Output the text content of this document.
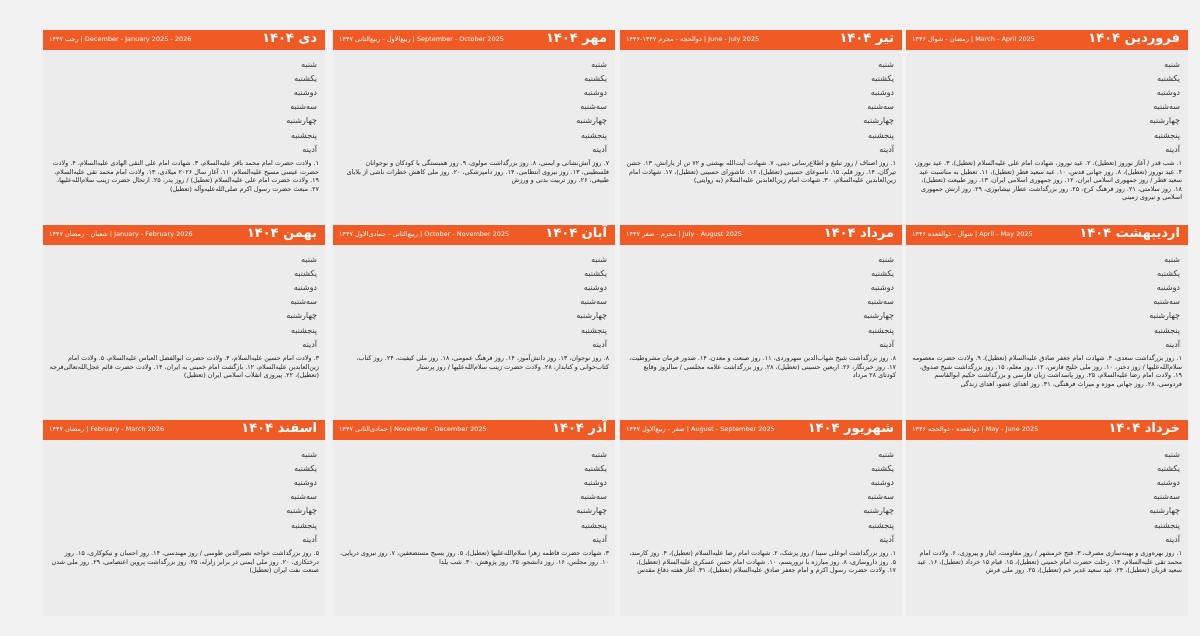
دی ۱۴۰۴
December - January 2025 - 2026 | رجب ۱۴۴۷
شنبه							
یکشنبه							
دوشنبه							
سه‌شنبه							
چهارشنبه							
پنجشنبه							
آدینه							
۱. ولادت حضرت امام محمد باقر علیه‌السلام، ۳. شهادت امام علی النقی الهادی علیه‌السلام، ۴. ولادت حضرت عیسی مسیح علیه‌السلام، ۱۱. آغاز سال ۲۰۲۶ میلادی، ۱۳. ولادت امام محمد تقی علیه‌السلام، ۱۹. ولادت حضرت امام علی علیه‌السلام (تعطیل) / روز پدر، ۲۵. ارتحال حضرت زینب سلام‌الله‌علیها، ۲۷. مبعث حضرت رسول اکرم صلی‌الله‌علیه‌وآله (تعطیل)
مهر ۱۴۰۴
September - October 2025 | ربیع‌الاول - ربیع‌الثانی ۱۴۴۷
شنبه							
یکشنبه							
دوشنبه							
سه‌شنبه							
چهارشنبه							
پنجشنبه							
آدینه							
۷. روز آتش‌نشانی و ایمنی، ۸. روز بزرگداشت مولوی، ۹. روز همبستگی با کودکان و نوجوانان فلسطینی، ۱۳. روز نیروی انتظامی، ۱۴. روز دامپزشکی، ۲۰. روز ملی کاهش خطرات ناشی از بلایای طبیعی، ۲۶. روز تربیت بدنی و ورزش
تیر ۱۴۰۴
June - July 2025 | ذوالحجه - محرم ۱۴۴۷-۱۴۴۶
شنبه							
یکشنبه							
دوشنبه							
سه‌شنبه							
چهارشنبه							
پنجشنبه							
آدینه							
۱. روز اصناف / روز تبلیغ و اطلاع‌رسانی دینی، ۷. شهادت آیت‌الله بهشتی و ۷۲ تن از یارانش، ۱۳. جشن تیرگان، ۱۴. روز قلم، ۱۵. تاسوعای حسینی (تعطیل)، ۱۶. عاشورای حسینی (تعطیل)، ۱۷. شهادت امام زین‌العابدین علیه‌السلام، ۳۰. شهادت امام زین‌العابدین علیه‌السلام (به روایتی)
فروردین ۱۴۰۴
March - April 2025 | رمضان - شوال ۱۴۴۶
شنبه							
یکشنبه							
دوشنبه							
سه‌شنبه							
چهارشنبه							
پنجشنبه							
آدینه							
۱. شب قدر / آغاز نوروز (تعطیل)، ۲. عید نوروز، شهادت امام علی علیه‌السلام (تعطیل)، ۳. عید نوروز، ۴. عید نوروز (تعطیل)، ۸. روز جهانی قدس، ۱۰. عید سعید فطر (تعطیل)، ۱۱. تعطیل به مناسبت عید سعید فطر / روز جمهوری اسلامی ایران، ۱۲. روز جمهوری اسلامی ایران، ۱۳. روز طبیعت (تعطیل)، ۱۸. روز سلامتی، ۲۱. روز فرهنگ کرج، ۲۵. روز بزرگداشت عطار نیشابوری، ۲۹. روز ارتش جمهوری اسلامی و نیروی زمینی
بهمن ۱۴۰۴
January - February 2026 | شعبان - رمضان ۱۴۴۷
شنبه							
یکشنبه							
دوشنبه							
سه‌شنبه							
چهارشنبه							
پنجشنبه							
آدینه							
۳. ولادت امام حسین علیه‌السلام، ۴. ولادت حضرت ابوالفضل العباس علیه‌السلام، ۵. ولادت امام زین‌العابدین علیه‌السلام، ۱۲. بازگشت امام خمینی به ایران، ۱۴. ولادت حضرت قائم عجل‌الله‌تعالی‌فرجه (تعطیل)، ۲۲. پیروزی انقلاب اسلامی ایران (تعطیل)
آبان ۱۴۰۴
October - November 2025 | ربیع‌الثانی - جمادی‌الاول ۱۴۴۷
شنبه							
یکشنبه							
دوشنبه							
سه‌شنبه							
چهارشنبه							
پنجشنبه							
آدینه							
۸. روز نوجوان، ۱۳. روز دانش‌آموز، ۱۴. روز فرهنگ عمومی، ۱۸. روز ملی کیفیت، ۲۴. روز کتاب، کتاب‌خوانی و کتابدار، ۲۸. ولادت حضرت زینب سلام‌الله‌علیها / روز پرستار
مرداد ۱۴۰۴
July - August 2025 | محرم - صفر ۱۴۴۷
شنبه							
یکشنبه							
دوشنبه							
سه‌شنبه							
چهارشنبه							
پنجشنبه							
آدینه							
۸. روز بزرگداشت شیخ شهاب‌الدین سهروردی، ۱۱. روز صنعت و معدن، ۱۴. صدور فرمان مشروطیت، ۱۷. روز خبرنگار، ۲۶. اربعین حسینی (تعطیل)، ۲۸. روز بزرگداشت علامه مجلسی / سالروز وقایع کودتای ۲۸ مرداد
اردیبهشت ۱۴۰۴
April - May 2025 | شوال - ذوالقعده ۱۴۴۶
شنبه							
یکشنبه							
دوشنبه							
سه‌شنبه							
چهارشنبه							
پنجشنبه							
آدینه							
۱. روز بزرگداشت سعدی، ۴. شهادت امام جعفر صادق علیه‌السلام (تعطیل)، ۹. ولادت حضرت معصومه سلام‌الله‌علیها / روز دختر، ۱۰. روز ملی خلیج فارس، ۱۲. روز معلم، ۱۵. روز بزرگداشت شیخ صدوق، ۱۹. ولادت امام رضا علیه‌السلام، ۲۵. روز پاسداشت زبان فارسی و بزرگداشت حکیم ابوالقاسم فردوسی، ۲۸. روز جهانی موزه و میراث فرهنگی، ۳۱. روز اهدای عضو، اهدای زندگی
اسفند ۱۴۰۴
February - March 2026 | رمضان ۱۴۴۷
شنبه							
یکشنبه							
دوشنبه							
سه‌شنبه							
چهارشنبه							
پنجشنبه							
آدینه							
۵. روز بزرگداشت خواجه نصیرالدین طوسی / روز مهندسی، ۱۴. روز احسان و نیکوکاری، ۱۵. روز درختکاری، ۲۰. روز ملی ایمنی در برابر زلزله، ۲۵. روز بزرگداشت پروین اعتصامی، ۲۹. روز ملی شدن صنعت نفت ایران (تعطیل)
آذر ۱۴۰۴
November - December 2025 | جمادی‌الثانی ۱۴۴۷
شنبه							
یکشنبه							
دوشنبه							
سه‌شنبه							
چهارشنبه							
پنجشنبه							
آدینه							
۳. شهادت حضرت فاطمه زهرا سلام‌الله‌علیها (تعطیل)، ۵. روز بسیج مستضعفین، ۷. روز نیروی دریایی، ۱۰. روز مجلس، ۱۶. روز دانشجو، ۲۵. روز پژوهش، ۳۰. شب یلدا
شهریور ۱۴۰۴
August - September 2025 | صفر - ربیع‌الاول ۱۴۴۷
شنبه							
یکشنبه							
دوشنبه							
سه‌شنبه							
چهارشنبه							
پنجشنبه							
آدینه							
۱. روز بزرگداشت ابوعلی سینا / روز پزشک، ۲. شهادت امام رضا علیه‌السلام (تعطیل)، ۴. روز کارمند، ۵. روز داروسازی، ۸. روز مبارزه با تروریسم، ۱۰. شهادت امام حسن عسکری علیه‌السلام (تعطیل)، ۱۷. ولادت حضرت رسول اکرم و امام جعفر صادق علیه‌السلام (تعطیل)، ۳۱. آغاز هفته دفاع مقدس
خرداد ۱۴۰۴
May - June 2025 | ذوالقعده - ذوالحجه ۱۴۴۶
شنبه							
یکشنبه							
دوشنبه							
سه‌شنبه							
چهارشنبه							
پنجشنبه							
آدینه							
۱. روز بهره‌وری و بهینه‌سازی مصرف، ۳. فتح خرمشهر / روز مقاومت، ایثار و پیروزی، ۶. ولادت امام محمد تقی علیه‌السلام، ۱۴. رحلت حضرت امام خمینی (تعطیل)، ۱۵. قیام ۱۵ خرداد (تعطیل)، ۱۶. عید سعید قربان (تعطیل)، ۲۴. عید سعید غدیر خم (تعطیل)، ۲۵. روز ملی فرش
